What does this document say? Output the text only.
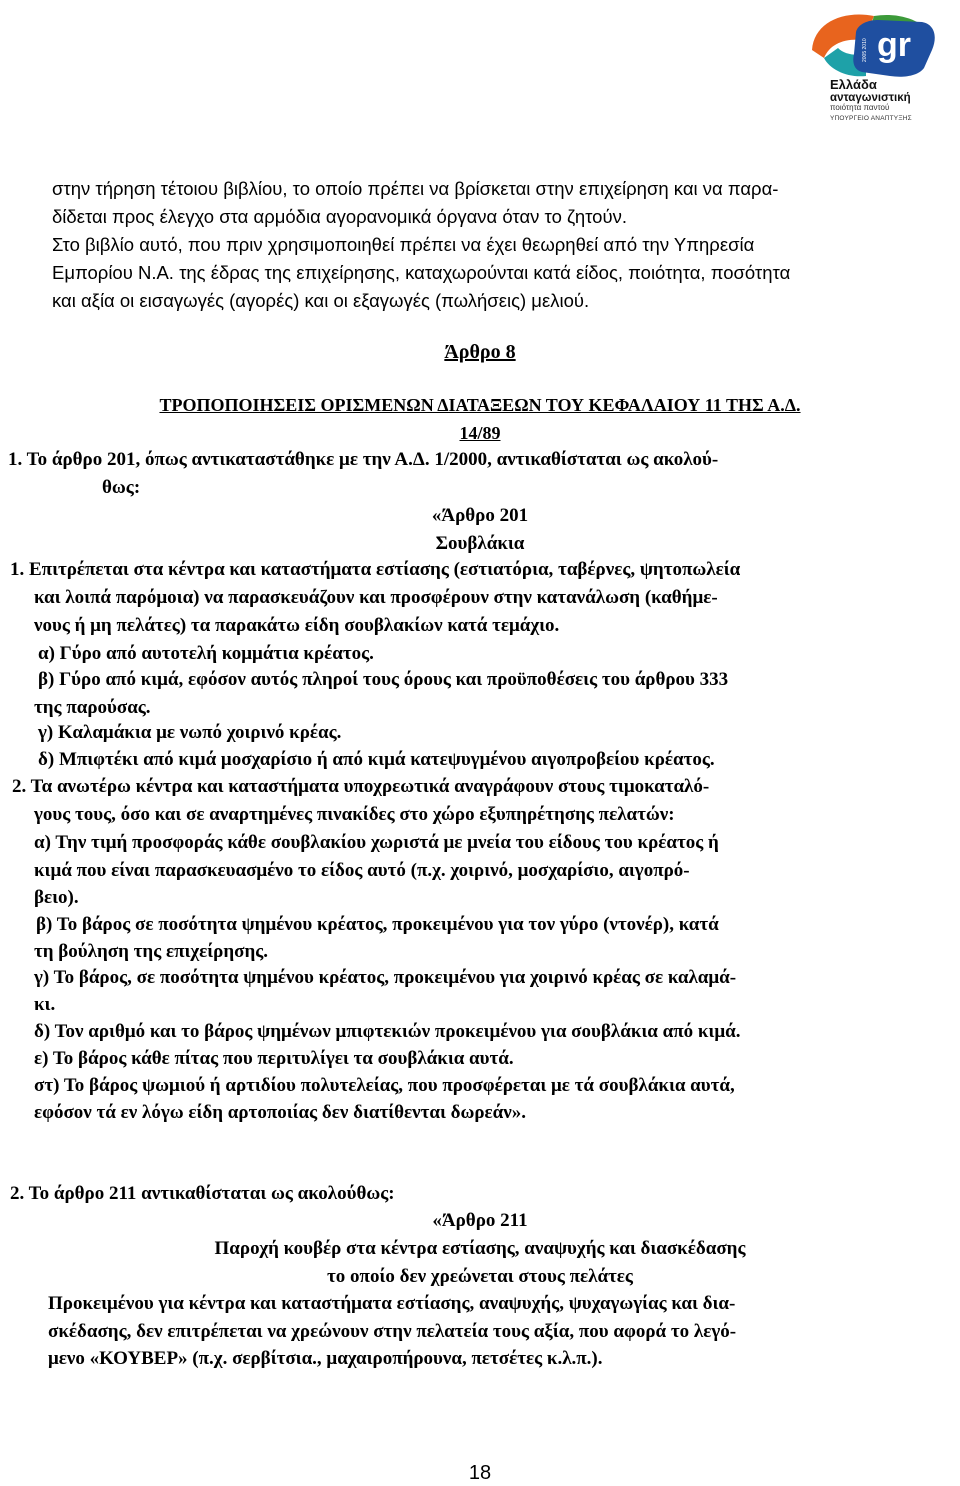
gr
2005 2010
Ελλάδα
ανταγωνιστική
ποιότητα παντού
ΥΠΟΥΡΓΕΙΟ ΑΝΑΠΤΥΞΗΣ
στην τήρηση τέτοιου βιβλίου, το οποίο πρέπει να βρίσκεται στην επιχείρηση και να παρα-
δίδεται προς έλεγχο στα αρμόδια αγορανομικά όργανα όταν το ζητούν.
Στο βιβλίο αυτό, που πριν χρησιμοποιηθεί πρέπει να έχει θεωρηθεί από την Υπηρεσία
Εμπορίου Ν.Α. της έδρας της επιχείρησης, καταχωρούνται κατά είδος, ποιότητα, ποσότητα
και αξία οι εισαγωγές (αγορές) και οι εξαγωγές (πωλήσεις) μελιού.
Άρθρο 8
ΤΡΟΠΟΠΟΙΗΣΕΙΣ ΟΡΙΣΜΕΝΩΝ ΔΙΑΤΑΞΕΩΝ ΤΟΥ ΚΕΦΑΛΑΙΟΥ 11 ΤΗΣ Α.Δ.
14/89
1. Το άρθρο 201, όπως αντικαταστάθηκε με την Α.Δ. 1/2000, αντικαθίσταται ως ακολού-
θως:
«Άρθρο 201
Σουβλάκια
1. Επιτρέπεται στα κέντρα και καταστήματα εστίασης (εστιατόρια, ταβέρνες, ψητοπωλεία
και λοιπά παρόμοια) να παρασκευάζουν και προσφέρουν στην κατανάλωση (καθήμε-
νους ή μη πελάτες) τα παρακάτω είδη σουβλακίων κατά τεμάχιο.
α) Γύρο από αυτοτελή κομμάτια κρέατος.
β) Γύρο από κιμά, εφόσον αυτός πληροί τους όρους και προϋποθέσεις του άρθρου 333
της παρούσας.
γ) Καλαμάκια με νωπό χοιρινό κρέας.
δ) Μπιφτέκι από κιμά μοσχαρίσιο ή από κιμά κατεψυγμένου αιγοπροβείου κρέατος.
2. Τα ανωτέρω κέντρα και καταστήματα υποχρεωτικά αναγράφουν στους τιμοκαταλό-
γους τους, όσο και σε αναρτημένες πινακίδες στο χώρο εξυπηρέτησης πελατών:
α) Την τιμή προσφοράς κάθε σουβλακίου χωριστά με μνεία του είδους του κρέατος ή
κιμά που είναι παρασκευασμένο το είδος αυτό (π.χ. χοιρινό, μοσχαρίσιο, αιγοπρό-
βειο).
β) Το βάρος σε ποσότητα ψημένου κρέατος, προκειμένου για τον γύρο (ντονέρ), κατά
τη βούληση της επιχείρησης.
γ) Το βάρος, σε ποσότητα ψημένου κρέατος, προκειμένου για χοιρινό κρέας σε καλαμά-
κι.
δ) Τον αριθμό και το βάρος ψημένων μπιφτεκιών προκειμένου για σουβλάκια από κιμά.
ε) Το βάρος κάθε πίτας που περιτυλίγει τα σουβλάκια αυτά.
στ) Το βάρος ψωμιού ή αρτιδίου πολυτελείας, που προσφέρεται με τά σουβλάκια αυτά,
εφόσον τά εν λόγω είδη αρτοποιίας δεν διατίθενται δωρεάν».
2. Το άρθρο 211 αντικαθίσταται ως ακολούθως:
«Άρθρο 211
Παροχή κουβέρ στα κέντρα εστίασης, αναψυχής και διασκέδασης
το οποίο δεν χρεώνεται στους πελάτες
Προκειμένου για κέντρα και καταστήματα εστίασης, αναψυχής, ψυχαγωγίας και δια-
σκέδασης, δεν επιτρέπεται να χρεώνουν στην πελατεία τους αξία, που αφορά το λεγό-
μενο «ΚΟΥΒΕΡ» (π.χ. σερβίτσια., μαχαιροπήρουνα, πετσέτες κ.λ.π.).
18
